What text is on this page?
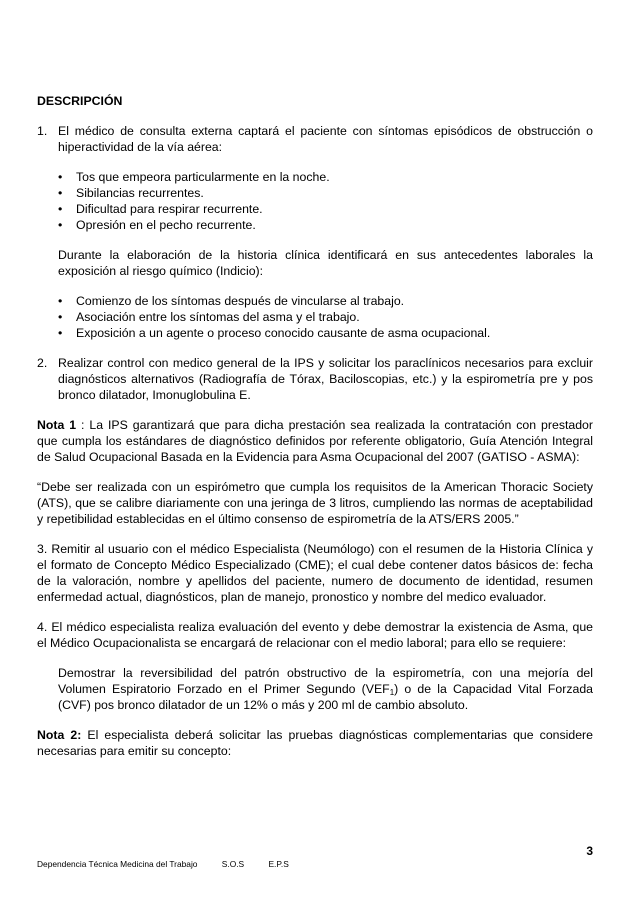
DESCRIPCIÓN

1. El médico de consulta externa captará el paciente con síntomas episódicos de obstrucción o hiperactividad de la vía aérea:

• Tos que empeora particularmente en la noche.
• Sibilancias recurrentes.
• Dificultad para respirar recurrente.
• Opresión en el pecho recurrente.

Durante la elaboración de la historia clínica identificará en sus antecedentes laborales la exposición al riesgo químico (Indicio):

• Comienzo de los síntomas después de vincularse al trabajo.
• Asociación entre los síntomas del asma y el trabajo.
• Exposición a un agente o proceso conocido causante de asma ocupacional.
2. Realizar control con medico general de la IPS y solicitar los paraclínicos necesarios para excluir diagnósticos alternativos (Radiografía de Tórax, Baciloscopias, etc.) y la espirometría pre y pos bronco dilatador, Imonuglobulina E.

Nota 1 : La IPS garantizará que para dicha prestación sea realizada la contratación con prestador que cumpla los estándares de diagnóstico definidos por referente obligatorio, Guía Atención Integral de Salud Ocupacional Basada en la Evidencia para Asma Ocupacional del 2007 (GATISO - ASMA):

“Debe ser realizada con un espirómetro que cumpla los requisitos de la American Thoracic Society (ATS), que se calibre diariamente con una jeringa de 3 litros, cumpliendo las normas de aceptabilidad y repetibilidad establecidas en el último consenso de espirometría de la ATS/ERS 2005.”

3. Remitir al usuario con el médico Especialista (Neumólogo) con el resumen de la Historia Clínica y el formato de Concepto Médico Especializado (CME); el cual debe contener datos básicos de: fecha de la valoración, nombre y apellidos del paciente, numero de documento de identidad, resumen enfermedad actual, diagnósticos, plan de manejo, pronostico y nombre del medico evaluador.

4. El médico especialista realiza evaluación del evento y debe demostrar la existencia de Asma, que el Médico Ocupacionalista se encargará de relacionar con el medio laboral; para ello se requiere:

Demostrar la reversibilidad del patrón obstructivo de la espirometría, con una mejoría del Volumen Espiratorio Forzado en el Primer Segundo $(VEF_1)$ o de la Capacidad Vital Forzada (CVF) pos bronco dilatador de un 12% o más y 200 ml de cambio absoluto.

Nota 2: El especialista deberá solicitar las pruebas diagnósticas complementarias que considere necesarias para emitir su concepto:

3
Dependencia Técnica Medicina del Trabajo	S.O.S	E.P.S
